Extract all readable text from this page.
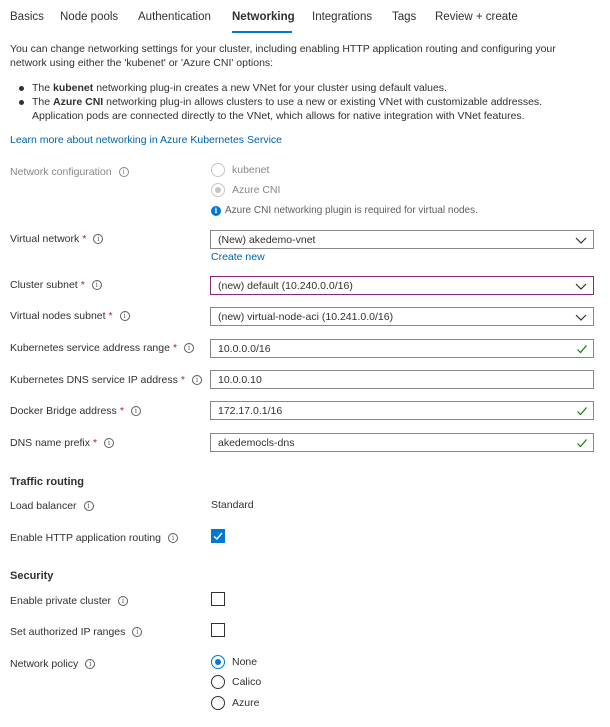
Basics Node pools Authentication Networking Integrations Tags Review + create
You can change networking settings for your cluster, including enabling HTTP application routing and configuring your network using either the 'kubenet' or 'Azure CNI' options:
The kubenet networking plug-in creates a new VNet for your cluster using default values.
The Azure CNI networking plug-in allows clusters to use a new or existing VNet with customizable addresses. Application pods are connected directly to the VNet, which allows for native integration with VNet features.
Learn more about networking in Azure Kubernetes Service
Network configuration	i	kubenet
Azure CNI
i Azure CNI networking plugin is required for virtual nodes.
Virtual network *	i	(New) akedemo-vnet
Create new
Cluster subnet *	i	(new) default (10.240.0.0/16)
Virtual nodes subnet *	i	(new) virtual-node-aci (10.241.0.0/16)
Kubernetes service address range *	i	10.0.0.0/16
Kubernetes DNS service IP address *	i	10.0.0.10
Docker Bridge address *	i	172.17.0.1/16
DNS name prefix *	i	akedemocls-dns
Traffic routing
Load balancer	i	Standard
Enable HTTP application routing	i
Security
Enable private cluster	i
Set authorized IP ranges	i
Network policy	i	None
Calico
Azure
